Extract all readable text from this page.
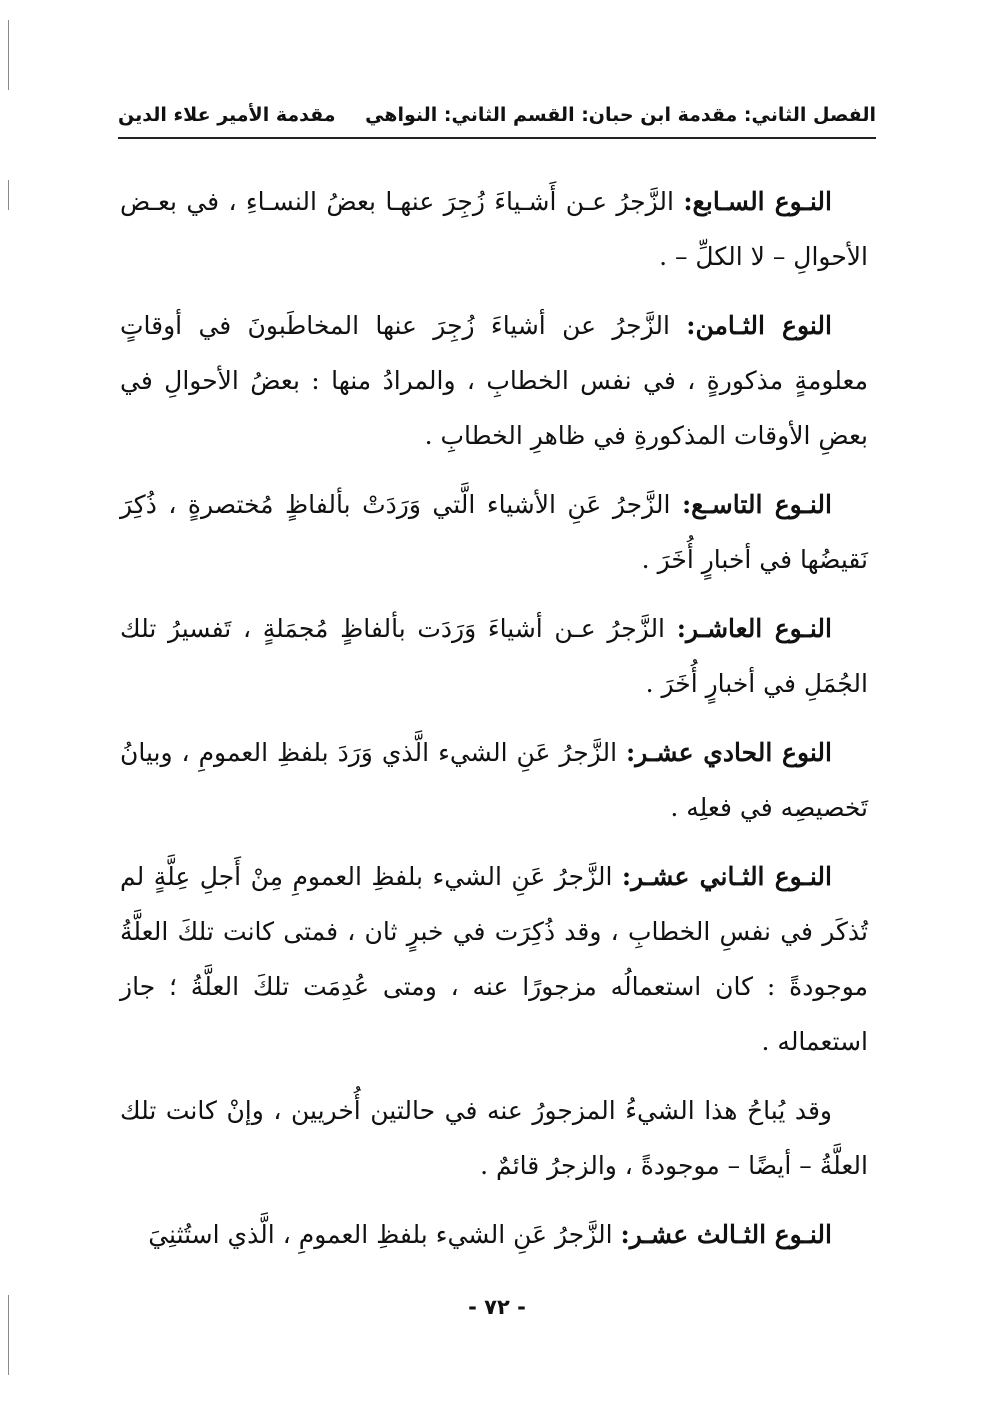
الفصل الثاني: مقدمة ابن حبان: القسم الثاني: النواهي
مقدمة الأمير علاء الدين

النـوع السـابع: الزَّجرُ عـن أَشـياءَ زُجِرَ عنهـا بعضُ النسـاءِ ، في بعـض الأحوالِ – لا الكلِّ – .

النوع الثـامن: الزَّجرُ عن أشياءَ زُجِرَ عنها المخاطَبونَ في أوقاتٍ معلومةٍ مذكورةٍ ، في نفس الخطابِ ، والمرادُ منها : بعضُ الأحوالِ في بعضِ الأوقات المذكورةِ في ظاهرِ الخطابِ .

النـوع التاسـع: الزَّجرُ عَنِ الأشياء الَّتي وَرَدَتْ بألفاظٍ مُختصرةٍ ، ذُكِرَ نَقيضُها في أخبارٍ أُخَرَ .

النـوع العاشـر: الزَّجرُ عـن أشياءَ وَرَدَت بألفاظٍ مُجمَلةٍ ، تَفسيرُ تلك الجُمَلِ في أخبارٍ أُخَرَ .

النوع الحادي عشـر: الزَّجرُ عَنِ الشيء الَّذي وَرَدَ بلفظِ العمومِ ، وبيانُ تَخصيصِه في فعلِه .

النـوع الثـاني عشـر: الزَّجرُ عَنِ الشيء بلفظِ العمومِ مِنْ أَجلِ عِلَّةٍ لم تُذكَر في نفسِ الخطابِ ، وقد ذُكِرَت في خبرٍ ثان ، فمتى كانت تلكَ العلَّةُ موجودةً : كان استعمالُه مزجورًا عنه ، ومتى عُدِمَت تلكَ العلَّةُ ؛ جاز استعماله .

وقد يُباحُ هذا الشيءُ المزجورُ عنه في حالتين أُخريين ، وإنْ كانت تلك العلَّةُ – أيضًا – موجودةً ، والزجرُ قائمٌ .

النـوع الثـالث عشـر: الزَّجرُ عَنِ الشيء بلفظِ العمومِ ، الَّذي استُثنِيَ

- ٧٢ -
